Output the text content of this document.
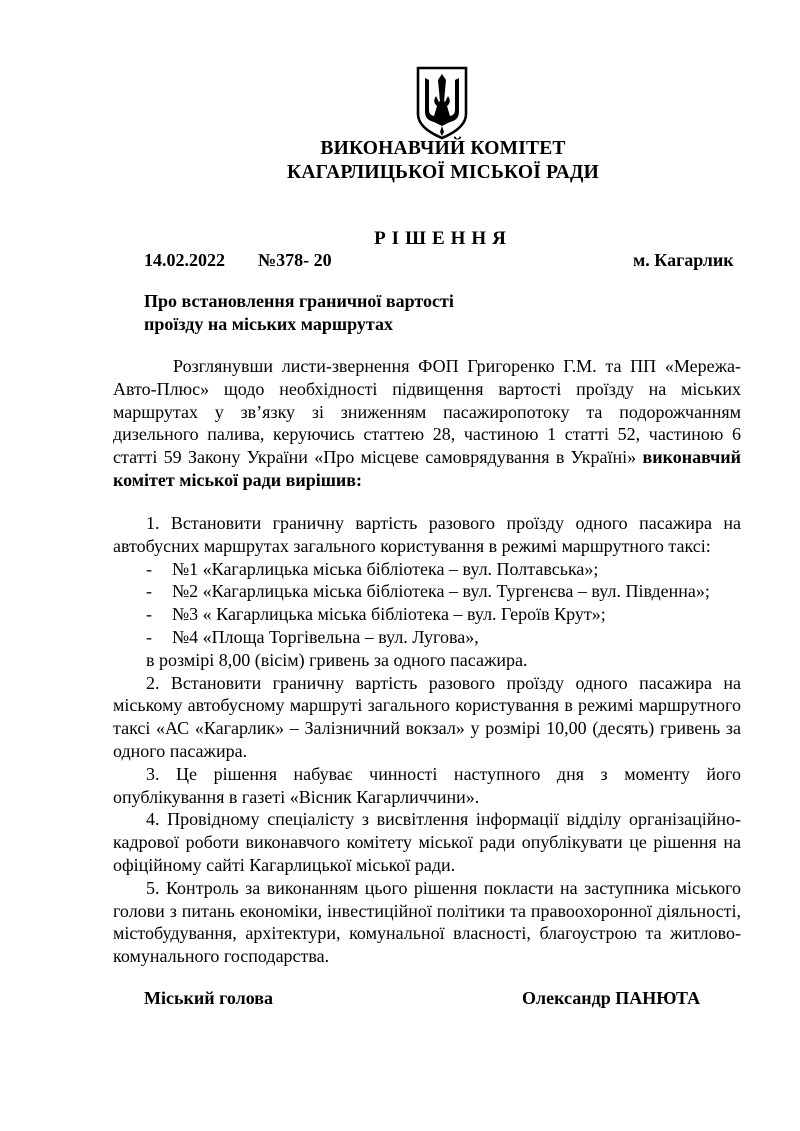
ВИКОНАВЧИЙ КОМІТЕТ
КАГАРЛИЦЬКОЇ МІСЬКОЇ РАДИ
РІШЕННЯ
14.02.2022 №378- 20	м. Кагарлик
Про встановлення граничної вартості
проїзду на міських маршрутах
Розглянувши листи-звернення ФОП Григоренко Г.М. та ПП «Мережа-Авто-Плюс» щодо необхідності підвищення вартості проїзду на міських маршрутах у зв’язку зі зниженням пасажиропотоку та подорожчанням дизельного палива, керуючись статтею 28, частиною 1 статті 52, частиною 6 статті 59 Закону України «Про місцеве самоврядування в Україні» виконавчий комітет міської ради вирішив:

1. Встановити граничну вартість разового проїзду одного пасажира на автобусних маршрутах загального користування в режимі маршрутного таксі:

- №1 «Кагарлицька міська бібліотека – вул. Полтавська»;

- №2 «Кагарлицька міська бібліотека – вул. Тургенєва – вул. Південна»;

- №3 « Кагарлицька міська бібліотека – вул. Героїв Крут»;

- №4 «Площа Торгівельна – вул. Лугова»,

в розмірі 8,00 (вісім) гривень за одного пасажира.

2. Встановити граничну вартість разового проїзду одного пасажира на міському автобусному маршруті загального користування в режимі маршрутного таксі «АС «Кагарлик» – Залізничний вокзал» у розмірі 10,00 (десять) гривень за одного пасажира.

3. Це рішення набуває чинності наступного дня з моменту його опублікування в газеті «Вісник Кагарличчини».

4. Провідному спеціалісту з висвітлення інформації відділу організаційно-кадрової роботи виконавчого комітету міської ради опублікувати це рішення на офіційному сайті Кагарлицької міської ради.

5. Контроль за виконанням цього рішення покласти на заступника міського голови з питань економіки, інвестиційної політики та правоохоронної діяльності, містобудування, архітектури, комунальної власності, благоустрою та житлово-комунального господарства.

Міський голова	Олександр ПАНЮТА
